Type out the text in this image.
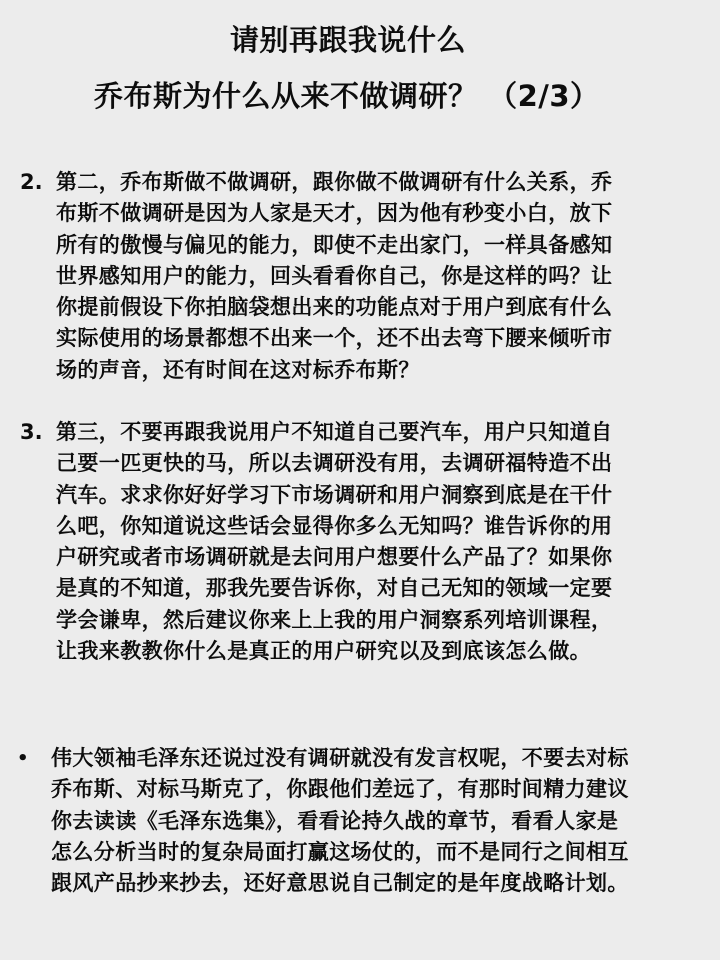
请别再跟我说什么
乔布斯为什么从来不做调研？ （2/3）
2. 第二，乔布斯做不做调研，跟你做不做调研有什么关系，乔
布斯不做调研是因为人家是天才，因为他有秒变小白，放下
所有的傲慢与偏见的能力，即使不走出家门，一样具备感知
世界感知用户的能力，回头看看你自己，你是这样的吗？让
你提前假设下你拍脑袋想出来的功能点对于用户到底有什么
实际使用的场景都想不出来一个，还不出去弯下腰来倾听市
场的声音，还有时间在这对标乔布斯？
3. 第三，不要再跟我说用户不知道自己要汽车，用户只知道自
己要一匹更快的马，所以去调研没有用，去调研福特造不出
汽车。求求你好好学习下市场调研和用户洞察到底是在干什
么吧，你知道说这些话会显得你多么无知吗？谁告诉你的用
户研究或者市场调研就是去问用户想要什么产品了？如果你
是真的不知道，那我先要告诉你，对自己无知的领域一定要
学会谦卑，然后建议你来上上我的用户洞察系列培训课程，
让我来教教你什么是真正的用户研究以及到底该怎么做。
• 伟大领袖毛泽东还说过没有调研就没有发言权呢，不要去对标
乔布斯、对标马斯克了，你跟他们差远了，有那时间精力建议
你去读读《毛泽东选集》，看看论持久战的章节，看看人家是
怎么分析当时的复杂局面打赢这场仗的，而不是同行之间相互
跟风产品抄来抄去，还好意思说自己制定的是年度战略计划。
